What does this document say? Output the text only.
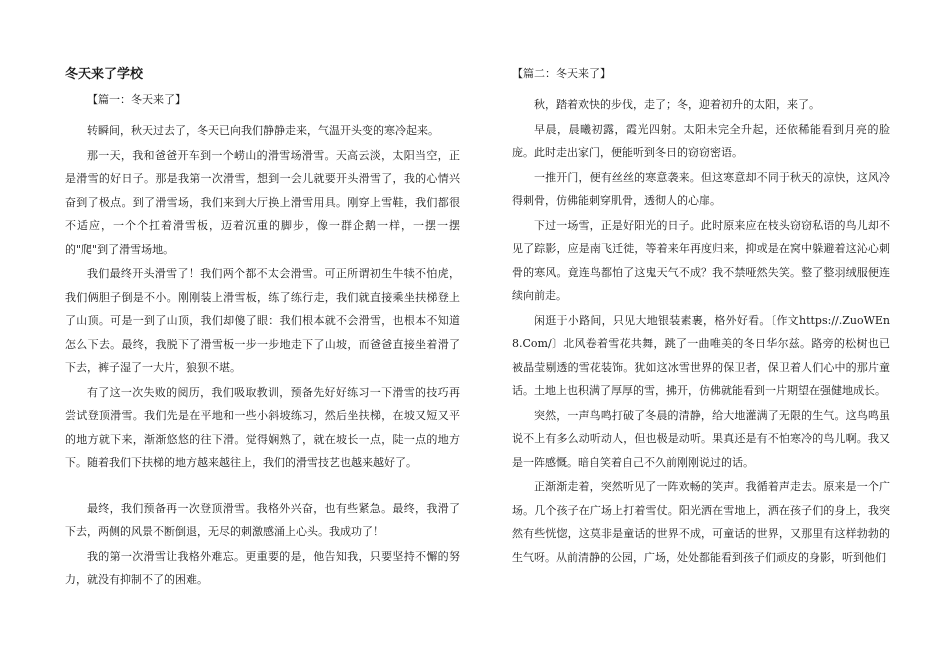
冬天来了学校
【篇一：冬天来了】

转瞬间，秋天过去了，冬天已向我们静静走来，气温开头变的寒冷起来。

那一天，我和爸爸开车到一个崂山的滑雪场滑雪。天高云淡，太阳当空，正是滑雪的好日子。那是我第一次滑雪，想到一会儿就要开头滑雪了，我的心情兴奋到了极点。到了滑雪场，我们来到大厅换上滑雪用具。刚穿上雪鞋，我们都很不适应，一个个扛着滑雪板，迈着沉重的脚步，像一群企鹅一样，一摆一摆的"爬"到了滑雪场地。

我们最终开头滑雪了！我们两个都不太会滑雪。可正所谓初生牛犊不怕虎，我们俩胆子倒是不小。刚刚装上滑雪板，练了练行走，我们就直接乘坐扶梯登上了山顶。可是一到了山顶，我们却傻了眼：我们根本就不会滑雪，也根本不知道怎么下去。最终，我脱下了滑雪板一步一步地走下了山坡，而爸爸直接坐着滑了下去，裤子湿了一大片，狼狈不堪。

有了这一次失败的阅历，我们吸取教训，预备先好好练习一下滑雪的技巧再尝试登顶滑雪。我们先是在平地和一些小斜坡练习，然后坐扶梯，在坡又短又平的地方就下来，渐渐悠悠的往下滑。觉得娴熟了，就在坡长一点，陡一点的地方下。随着我们下扶梯的地方越来越往上，我们的滑雪技艺也越来越好了。

最终，我们预备再一次登顶滑雪。我格外兴奋，也有些紧急。最终，我滑了下去，两侧的风景不断倒退，无尽的刺激感涌上心头。我成功了！

我的第一次滑雪让我格外难忘。更重要的是，他告知我，只要坚持不懈的努力，就没有抑制不了的困难。

【篇二：冬天来了】

秋，踏着欢快的步伐，走了；冬，迎着初升的太阳，来了。

早晨，晨曦初露，霞光四射。太阳未完全升起，还依稀能看到月亮的脸庞。此时走出家门，便能听到冬日的窃窃密语。

一推开门，便有丝丝的寒意袭来。但这寒意却不同于秋天的凉快，这风冷得刺骨，仿佛能刺穿肌骨，透彻人的心扉。

下过一场雪，正是好阳光的日子。此时原来应在枝头窃窃私语的鸟儿却不见了踪影，应是南飞迁徙，等着来年再度归来，抑或是在窝中躲避着这沁心刺骨的寒风。竟连鸟都怕了这鬼天气不成？我不禁哑然失笑。整了整羽绒服便连续向前走。

闲逛于小路间，只见大地银装素裹，格外好看。〔作文https://.ZuoWEn8.Com/〕北风卷着雪花共舞，跳了一曲唯美的冬日华尔兹。路旁的松树也已被晶莹剔透的雪花装饰。犹如这冰雪世界的保卫者，保卫着人们心中的那片童话。土地上也积满了厚厚的雪，拂开，仿佛就能看到一片期望在强健地成长。

突然，一声鸟鸣打破了冬晨的清静，给大地灌满了无限的生气。这鸟鸣虽说不上有多么动听动人，但也极是动听。果真还是有不怕寒冷的鸟儿啊。我又是一阵感慨。暗自笑着自己不久前刚刚说过的话。

正渐渐走着，突然听见了一阵欢畅的笑声。我循着声走去。原来是一个广场。几个孩子在广场上打着雪仗。阳光洒在雪地上，洒在孩子们的身上，我突然有些恍惚，这莫非是童话的世界不成，可童话的世界，又那里有这样勃勃的生气呀。从前清静的公园，广场，处处都能看到孩子们顽皮的身影，听到他们
